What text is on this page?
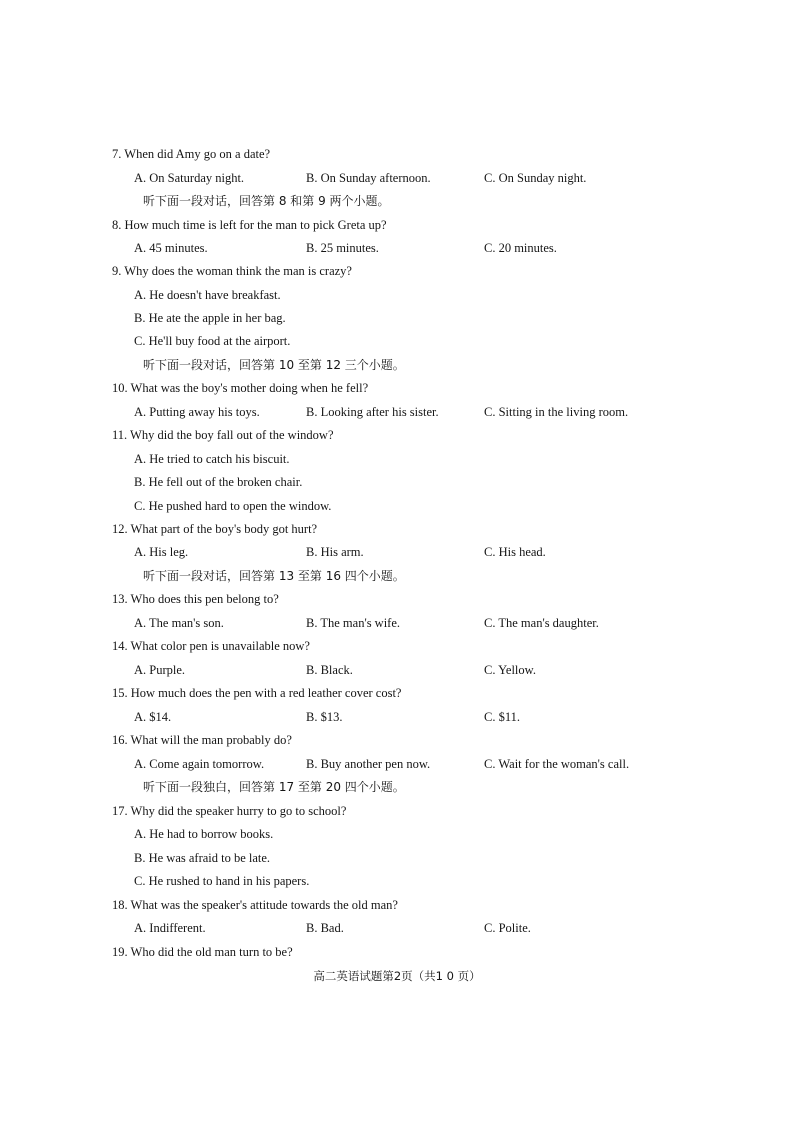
7. When did Amy go on a date?
A. On Saturday night.	B. On Sunday afternoon.	C. On Sunday night.
听下面一段对话，回答第 8 和第 9 两个小题。
8. How much time is left for the man to pick Greta up?
A. 45 minutes.	B. 25 minutes.	C. 20 minutes.
9. Why does the woman think the man is crazy?
A. He doesn't have breakfast.
B. He ate the apple in her bag.
C. He'll buy food at the airport.
听下面一段对话，回答第 10 至第 12 三个小题。
10. What was the boy's mother doing when he fell?
A. Putting away his toys.	B. Looking after his sister.	C. Sitting in the living room.
11. Why did the boy fall out of the window?
A. He tried to catch his biscuit.
B. He fell out of the broken chair.
C. He pushed hard to open the window.
12. What part of the boy's body got hurt?
A. His leg.	B. His arm.	C. His head.
听下面一段对话，回答第 13 至第 16 四个小题。
13. Who does this pen belong to?
A. The man's son.	B. The man's wife.	C. The man's daughter.
14. What color pen is unavailable now?
A. Purple.	B. Black.	C. Yellow.
15. How much does the pen with a red leather cover cost?
A. $14.	B. $13.	C. $11.
16. What will the man probably do?
A. Come again tomorrow.	B. Buy another pen now.	C. Wait for the woman's call.
听下面一段独白，回答第 17 至第 20 四个小题。
17. Why did the speaker hurry to go to school?
A. He had to borrow books.
B. He was afraid to be late.
C. He rushed to hand in his papers.
18. What was the speaker's attitude towards the old man?
A. Indifferent.	B. Bad.	C. Polite.
19. Who did the old man turn to be?
高二英语试题第2页（共1 0 页）
